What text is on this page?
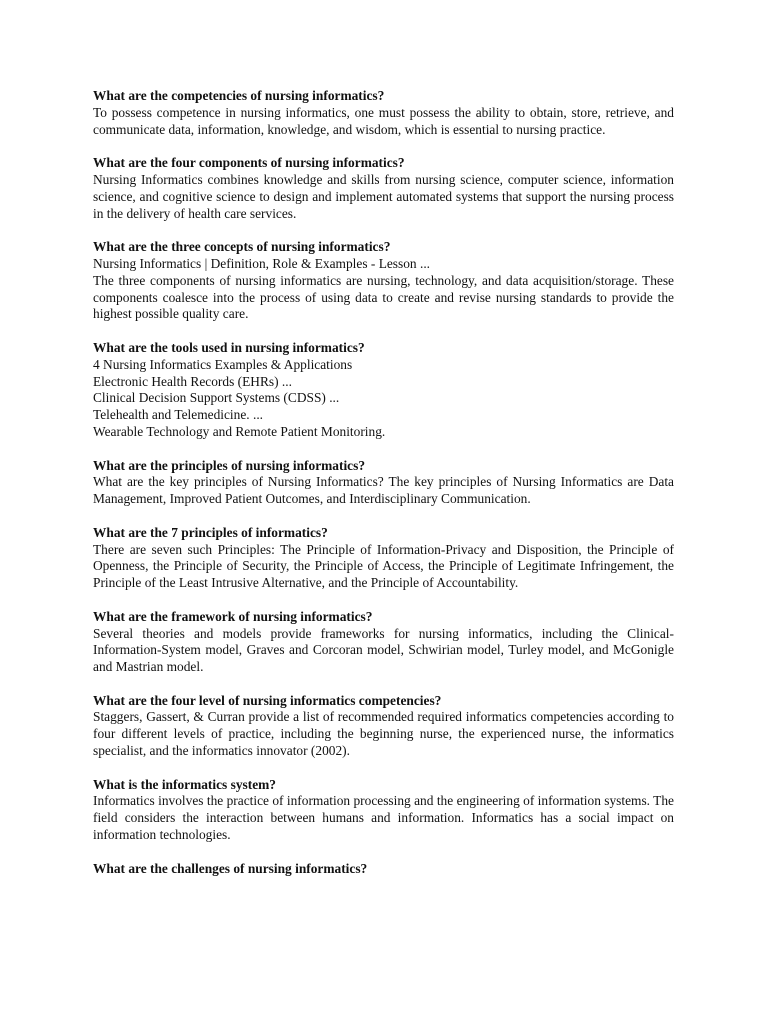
What are the competencies of nursing informatics?

To possess competence in nursing informatics, one must possess the ability to obtain, store, retrieve, and communicate data, information, knowledge, and wisdom, which is essential to nursing practice.

What are the four components of nursing informatics?

Nursing Informatics combines knowledge and skills from nursing science, computer science, information science, and cognitive science to design and implement automated systems that support the nursing process in the delivery of health care services.

What are the three concepts of nursing informatics?

Nursing Informatics | Definition, Role & Examples - Lesson ...

The three components of nursing informatics are nursing, technology, and data acquisition/storage. These components coalesce into the process of using data to create and revise nursing standards to provide the highest possible quality care.

What are the tools used in nursing informatics?

4 Nursing Informatics Examples & Applications

Electronic Health Records (EHRs) ...

Clinical Decision Support Systems (CDSS) ...

Telehealth and Telemedicine. ...

Wearable Technology and Remote Patient Monitoring.

What are the principles of nursing informatics?

What are the key principles of Nursing Informatics? The key principles of Nursing Informatics are Data Management, Improved Patient Outcomes, and Interdisciplinary Communication.

What are the 7 principles of informatics?

There are seven such Principles: The Principle of Information-Privacy and Disposition, the Principle of Openness, the Principle of Security, the Principle of Access, the Principle of Legitimate Infringement, the Principle of the Least Intrusive Alternative, and the Principle of Accountability.

What are the framework of nursing informatics?

Several theories and models provide frameworks for nursing informatics, including the Clinical-Information-System model, Graves and Corcoran model, Schwirian model, Turley model, and McGonigle and Mastrian model.

What are the four level of nursing informatics competencies?

Staggers, Gassert, & Curran provide a list of recommended required informatics competencies according to four different levels of practice, including the beginning nurse, the experienced nurse, the informatics specialist, and the informatics innovator (2002).

What is the informatics system?

Informatics involves the practice of information processing and the engineering of information systems. The field considers the interaction between humans and information. Informatics has a social impact on information technologies.

What are the challenges of nursing informatics?
